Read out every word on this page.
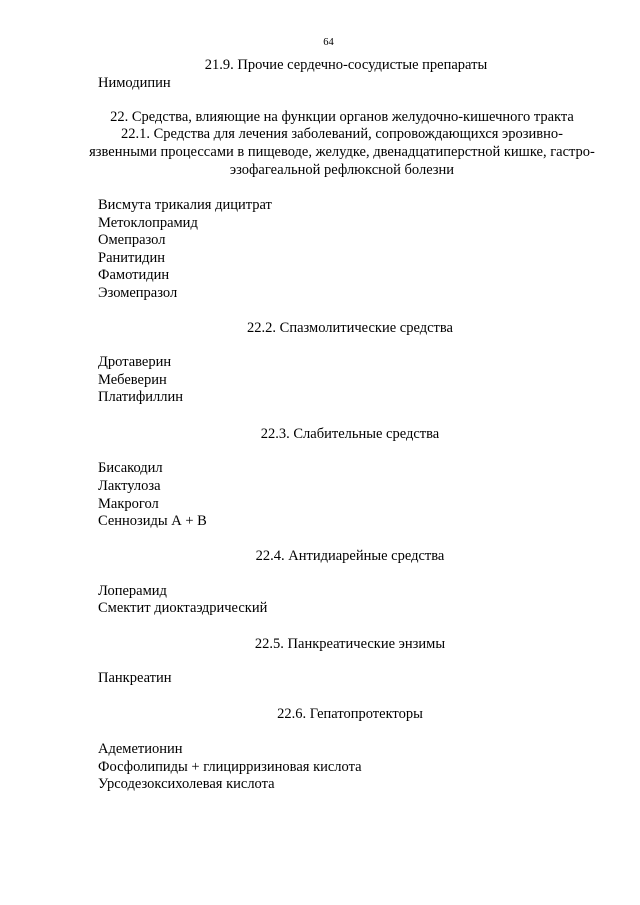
64
21.9. Прочие сердечно-сосудистые препараты
Нимодипин
22. Средства, влияющие на функции органов желудочно-кишечного тракта
22.1. Средства для лечения заболеваний, сопровождающихся эрозивно-
язвенными процессами в пищеводе, желудке, двенадцатиперстной кишке, гастро-
эзофагеальной рефлюксной болезни
Висмута трикалия дицитрат
Метоклопрамид
Омепразол
Ранитидин
Фамотидин
Эзомепразол
22.2. Спазмолитические средства
Дротаверин
Мебеверин
Платифиллин
22.3. Слабительные средства
Бисакодил
Лактулоза
Макрогол
Сеннозиды А + В
22.4. Антидиарейные средства
Лоперамид
Смектит диоктаэдрический
22.5. Панкреатические энзимы
Панкреатин
22.6. Гепатопротекторы
Адеметионин
Фосфолипиды + глицирризиновая кислота
Урсодезоксихолевая кислота
